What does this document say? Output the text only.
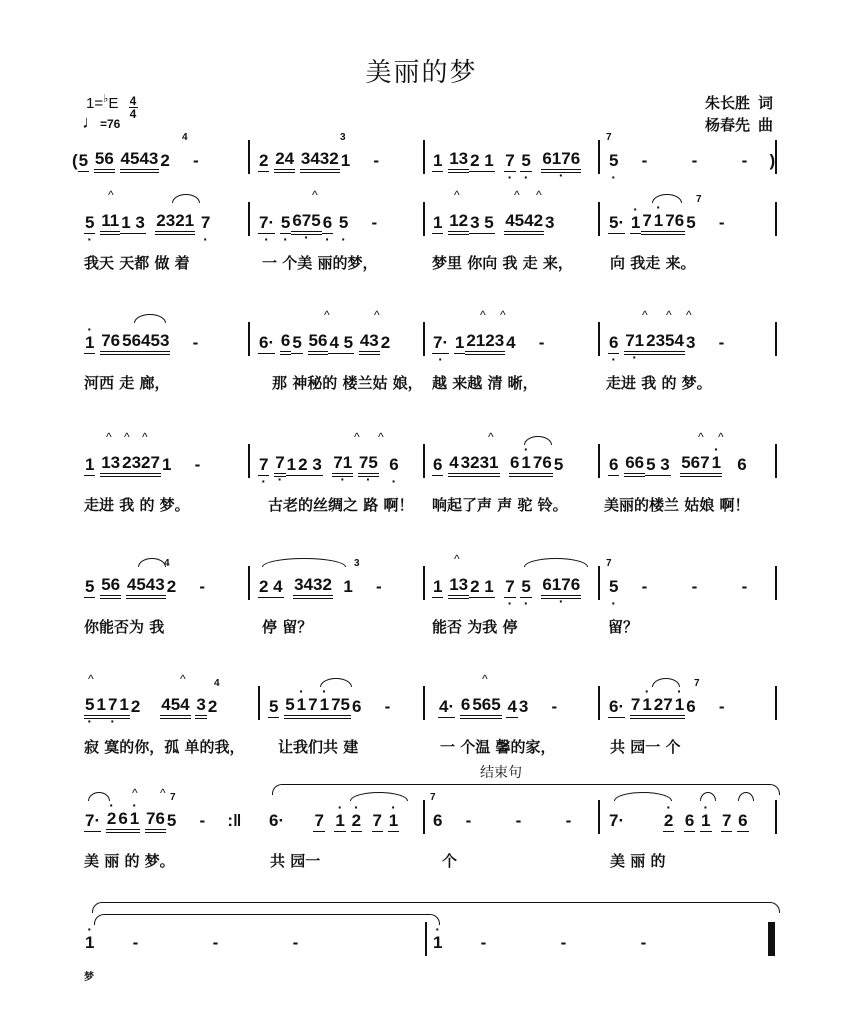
美丽的梦
$1=^♭E \frac{4}{4}$
♩=76
朱长胜 词
杨春先 曲
( 5
56
4543
4
2	-	2
24
3432
3
1	-	1
13 2 1
7 ·
5 ·
6176 ·
7
5 ·	-	-	-	)
5 ·
11 1 3
2321
7 ·
^
7· ·
5 · 675 · 6 ·
5 ·	-
^
1
12 3 5
4542 3
^	^ ^
5·
· 1 7 · 1 76
7
5	-
我天 天都 做 着	一 个美 丽的梦，	梦里 你向 我 走 来， 向 我走 来。
· 1
76 56453	-	6·
6 5
56 4 5
43 2
^	^
7· ·
1 2123 4	-
^ ^
6 ·
71 · 2354 3	-
^ ^ ^
河西 走 廊，	那 神秘的 楼兰姑 娘， 越 来越 清 晰，	走进 我 的 梦。
1
13 2327 1	-
^ ^ ^
7 ·
7 · 1 2 3
71 ·
75 ·
6 ·
^ ^
6
4 3231
6 · 1 76 5
^
6
66 5 3
567 · 1
6
^ ^
走进 我 的 梦。	古老的丝绸之 路 啊！ 响起了声 声 驼 铃。 美丽的楼兰 姑娘 啊！
5
56
4543
4
2	-	2 4
3432

3
1	-	1
13 2 1
7 ·
5 ·
6176 ·
^	7
5 ·	-	-	-
你能否为 我	停 留？	能否 为我 停	留？
5 · 1 7 · 1 2
454
3
4
2
^	^
5
5 · 1 7 · 1 75 6	-	4·
6 565
4 3	-
^
6·
7 · 1 27 · 1
7
6	-
寂 寞的你，孤 单的我， 让我们共 建	一 个温 馨的家，	共 园一 个
结束句
7·
· 2 6 · 1
76
7
5	-	:‖
^ ^
6·
7
· 1
· 2
7
· 1
7
6	-	-	-	7·
· 2
6
· 1
7
6
美 丽 的 梦。	共 园一	个	美 丽 的
· 1	-	-	-	· 1	-	-	-
梦
